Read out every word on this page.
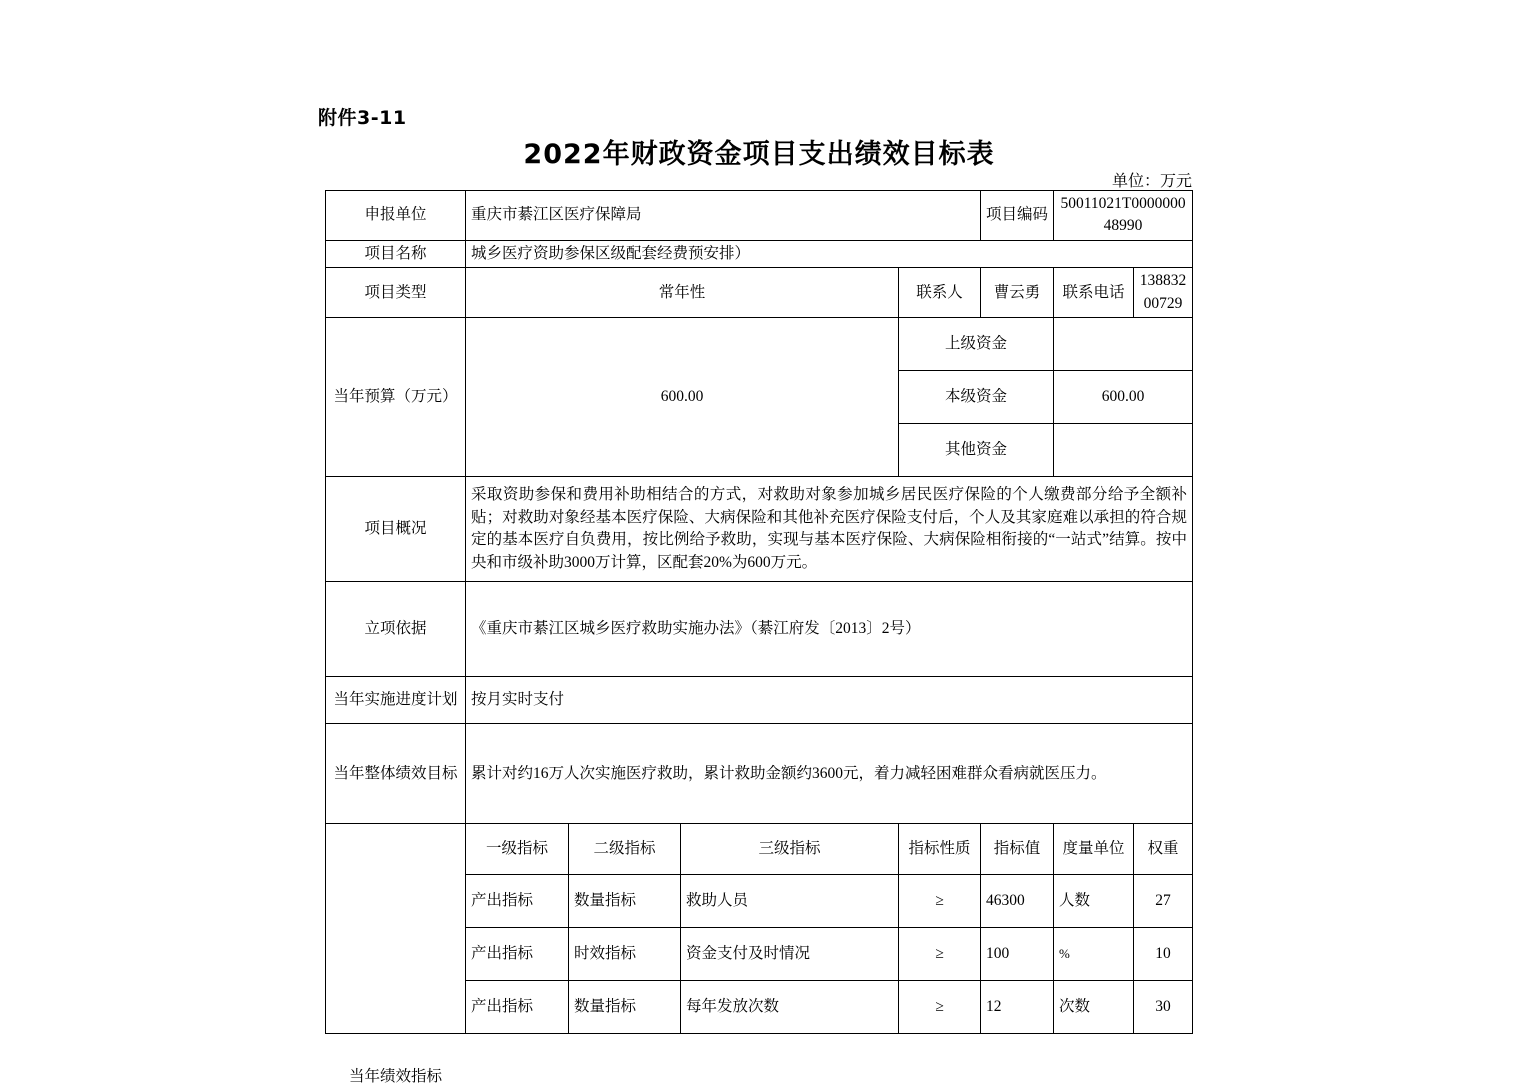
附件3-11
2022年财政资金项目支出绩效目标表
单位：万元
申报单位	重庆市綦江区医疗保障局				项目编码	50011021T000000048990	
项目名称	城乡医疗资助参保区级配套经费预安排）						
项目类型	常年性			联系人	曹云勇	联系电话	13883200729
当年预算（万元）	600.00			上级资金			
				本级资金		600.00	
				其他资金			
项目概况	采取资助参保和费用补助相结合的方式，对救助对象参加城乡居民医疗保险的个人缴费部分给予全额补贴；对救助对象经基本医疗保险、大病保险和其他补充医疗保险支付后，个人及其家庭难以承担的符合规定的基本医疗自负费用，按比例给予救助，实现与基本医疗保险、大病保险相衔接的“一站式”结算。按中央和市级补助3000万计算，区配套20%为600万元。						
立项依据	《重庆市綦江区城乡医疗救助实施办法》（綦江府发〔2013〕2号）						
当年实施进度计划	按月实时支付						
当年整体绩效目标	累计对约16万人次实施医疗救助，累计救助金额约3600元，着力减轻困难群众看病就医压力。						

当年绩效指标	一级指标	二级指标	三级指标	指标性质	指标值	度量单位	权重
	产出指标	数量指标	救助人员	≥	46300	人数	27
	产出指标	时效指标	资金支付及时情况	≥	100	%	10
	产出指标	数量指标	每年发放次数	≥	12	次数	30
